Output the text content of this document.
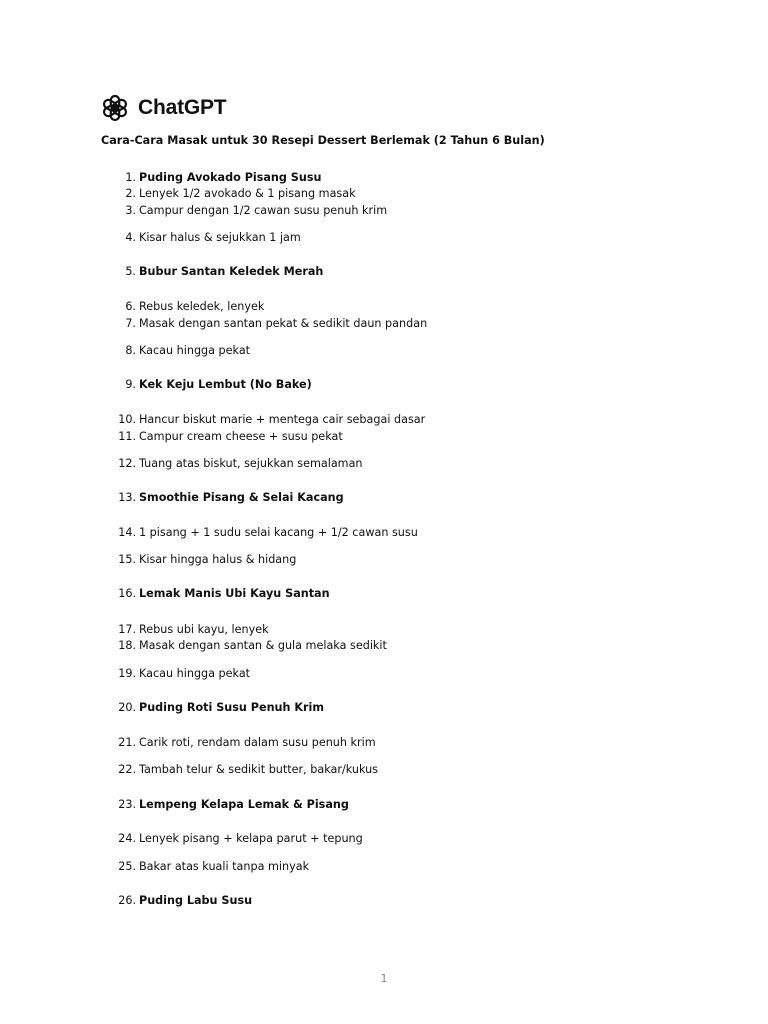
ChatGPT
Cara-Cara Masak untuk 30 Resepi Dessert Berlemak (2 Tahun 6 Bulan)
1. Puding Avokado Pisang Susu
2. Lenyek 1/2 avokado & 1 pisang masak
3. Campur dengan 1/2 cawan susu penuh krim
4. Kisar halus & sejukkan 1 jam
5. Bubur Santan Keledek Merah
6. Rebus keledek, lenyek
7. Masak dengan santan pekat & sedikit daun pandan
8. Kacau hingga pekat
9. Kek Keju Lembut (No Bake)
10. Hancur biskut marie + mentega cair sebagai dasar
11. Campur cream cheese + susu pekat
12. Tuang atas biskut, sejukkan semalaman
13. Smoothie Pisang & Selai Kacang
14. 1 pisang + 1 sudu selai kacang + 1/2 cawan susu
15. Kisar hingga halus & hidang
16. Lemak Manis Ubi Kayu Santan
17. Rebus ubi kayu, lenyek
18. Masak dengan santan & gula melaka sedikit
19. Kacau hingga pekat
20. Puding Roti Susu Penuh Krim
21. Carik roti, rendam dalam susu penuh krim
22. Tambah telur & sedikit butter, bakar/kukus
23. Lempeng Kelapa Lemak & Pisang
24. Lenyek pisang + kelapa parut + tepung
25. Bakar atas kuali tanpa minyak
26. Puding Labu Susu
1
